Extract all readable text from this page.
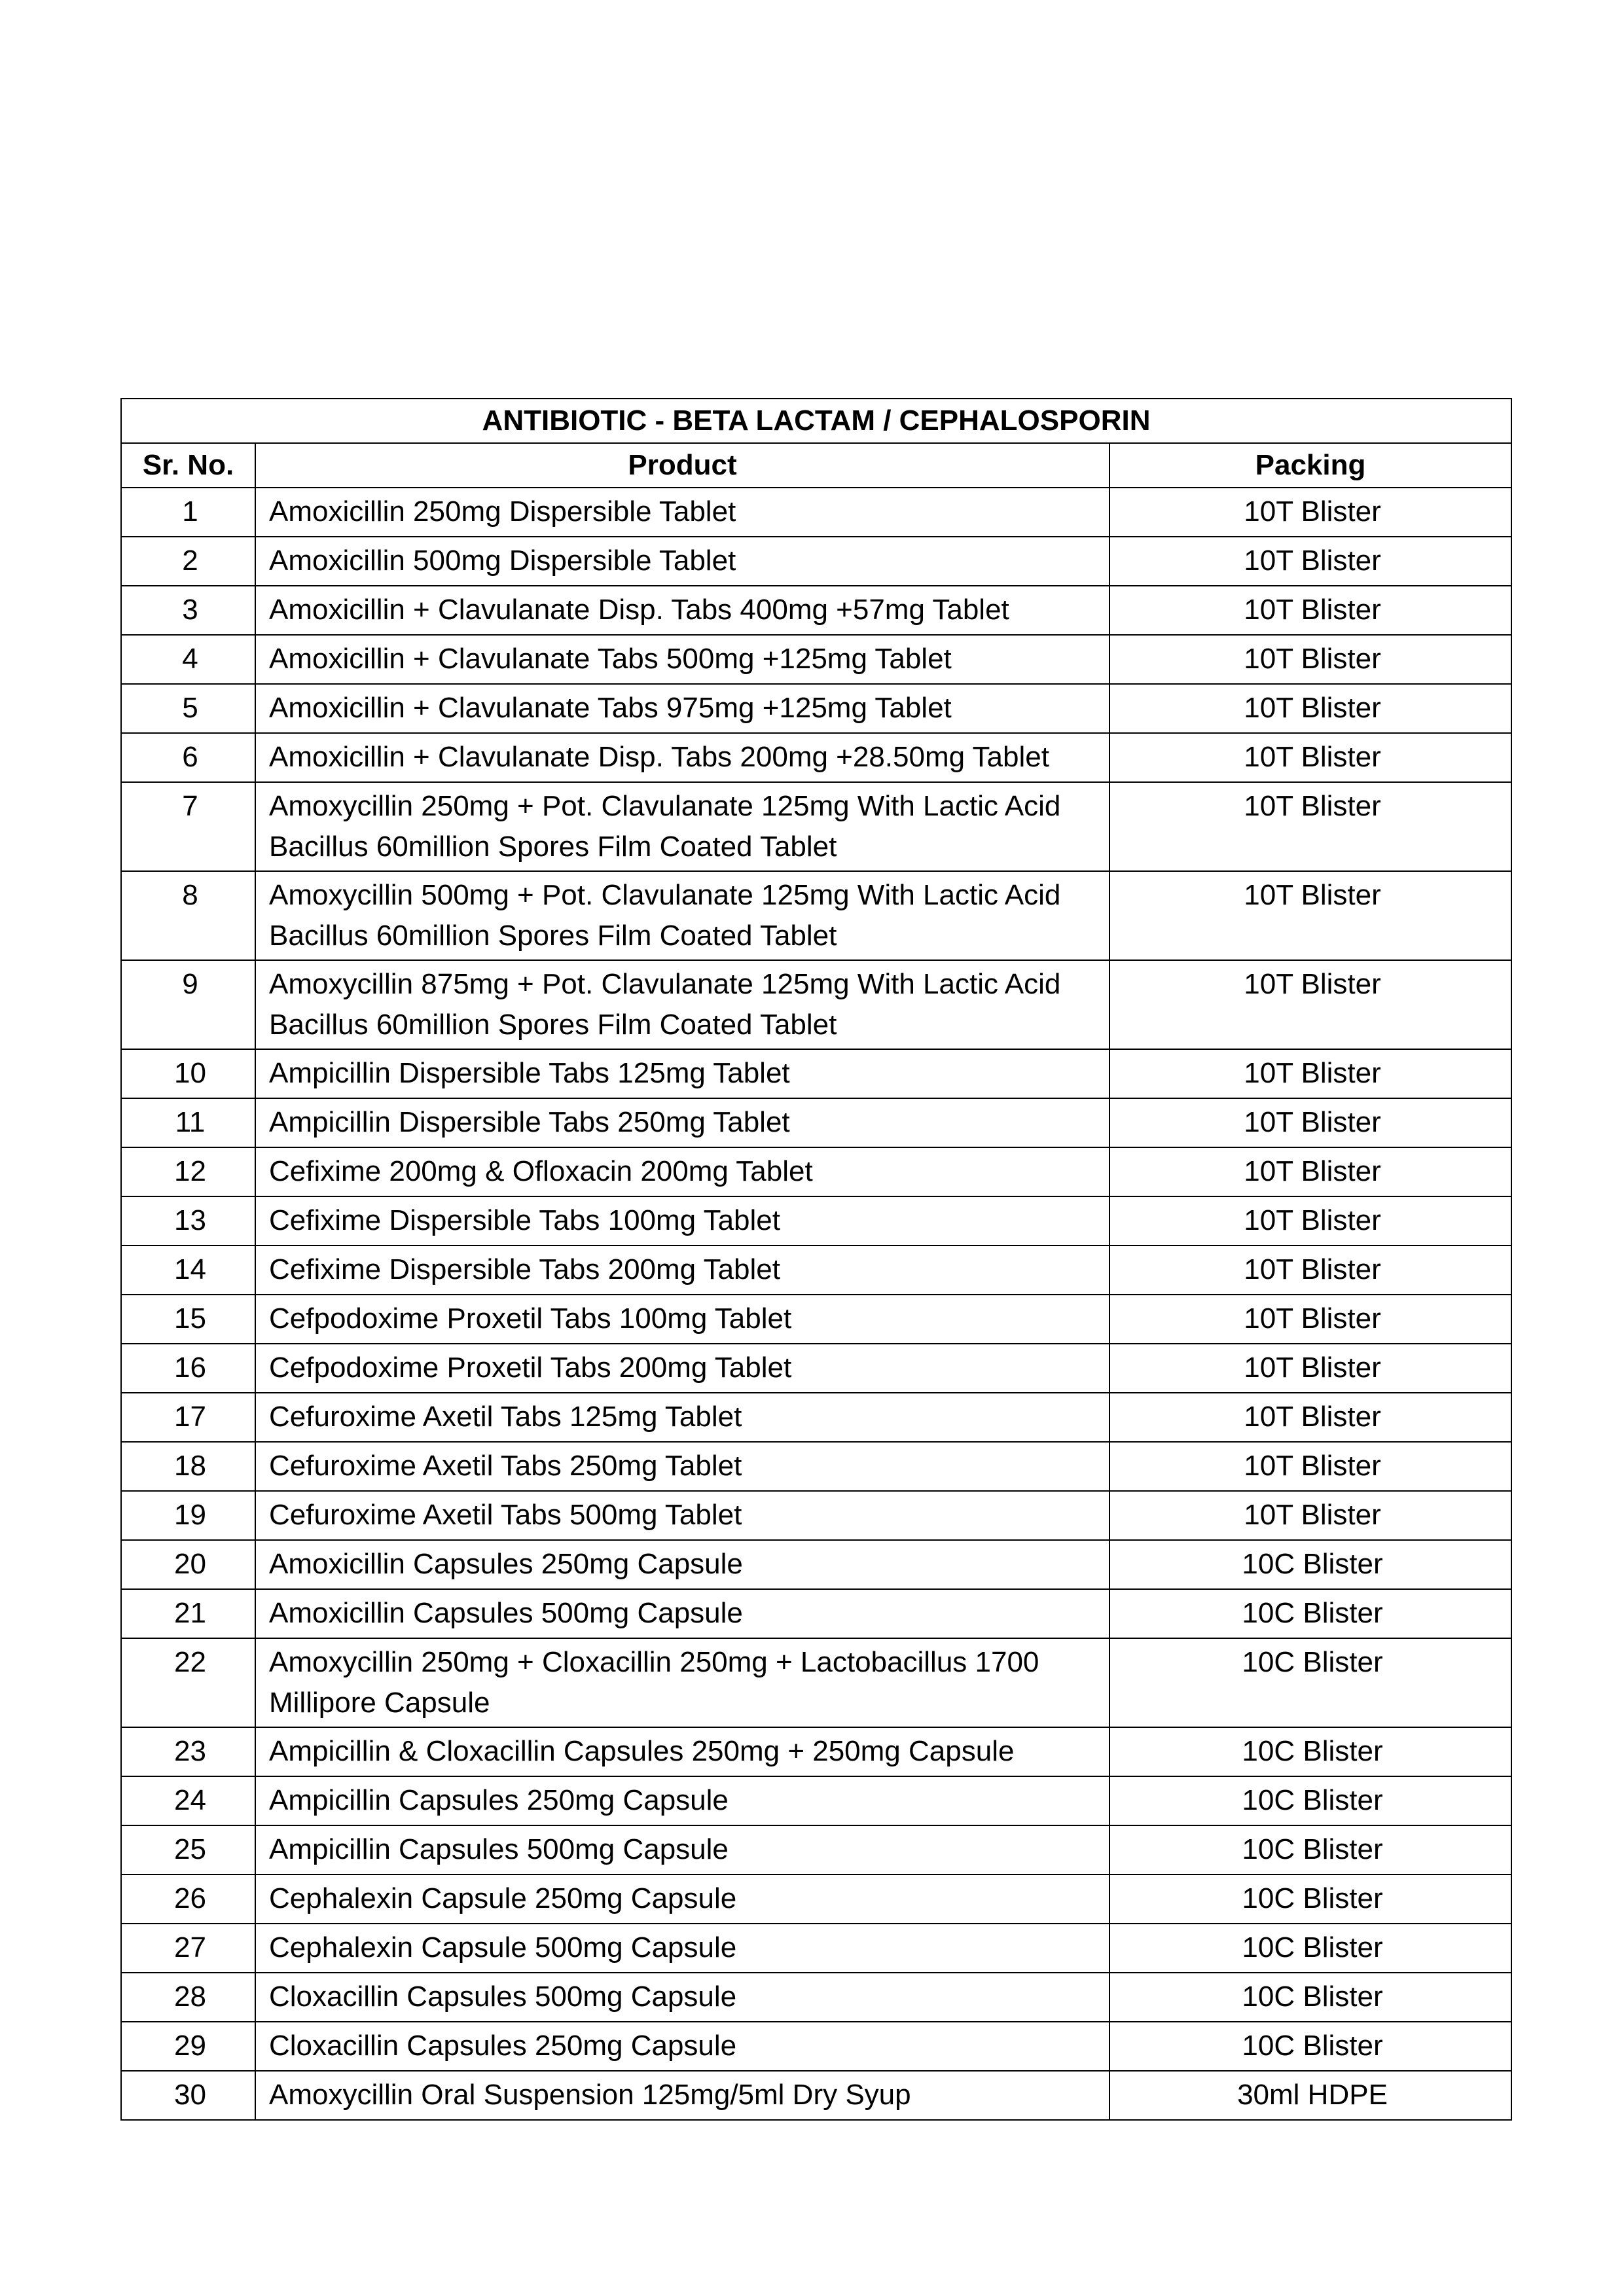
ANTIBIOTIC - BETA LACTAM / CEPHALOSPORIN		
Sr. No.	Product	Packing
1	Amoxicillin 250mg Dispersible Tablet	10T Blister
2	Amoxicillin 500mg Dispersible Tablet	10T Blister
3	Amoxicillin + Clavulanate Disp. Tabs 400mg +57mg Tablet	10T Blister
4	Amoxicillin + Clavulanate Tabs 500mg +125mg Tablet	10T Blister
5	Amoxicillin + Clavulanate Tabs 975mg +125mg Tablet	10T Blister
6	Amoxicillin + Clavulanate Disp. Tabs 200mg +28.50mg Tablet	10T Blister
7	Amoxycillin 250mg + Pot. Clavulanate 125mg With Lactic Acid Bacillus 60million Spores Film Coated Tablet	10T Blister
8	Amoxycillin 500mg + Pot. Clavulanate 125mg With Lactic Acid Bacillus 60million Spores Film Coated Tablet	10T Blister
9	Amoxycillin 875mg + Pot. Clavulanate 125mg With Lactic Acid Bacillus 60million Spores Film Coated Tablet	10T Blister
10	Ampicillin Dispersible Tabs 125mg Tablet	10T Blister
11	Ampicillin Dispersible Tabs 250mg Tablet	10T Blister
12	Cefixime 200mg & Ofloxacin 200mg Tablet	10T Blister
13	Cefixime Dispersible Tabs 100mg Tablet	10T Blister
14	Cefixime Dispersible Tabs 200mg Tablet	10T Blister
15	Cefpodoxime Proxetil Tabs 100mg Tablet	10T Blister
16	Cefpodoxime Proxetil Tabs 200mg Tablet	10T Blister
17	Cefuroxime Axetil Tabs 125mg Tablet	10T Blister
18	Cefuroxime Axetil Tabs 250mg Tablet	10T Blister
19	Cefuroxime Axetil Tabs 500mg Tablet	10T Blister
20	Amoxicillin Capsules 250mg Capsule	10C Blister
21	Amoxicillin Capsules 500mg Capsule	10C Blister
22	Amoxycillin 250mg + Cloxacillin 250mg + Lactobacillus 1700 Millipore Capsule	10C Blister
23	Ampicillin & Cloxacillin Capsules 250mg + 250mg Capsule	10C Blister
24	Ampicillin Capsules 250mg Capsule	10C Blister
25	Ampicillin Capsules 500mg Capsule	10C Blister
26	Cephalexin Capsule 250mg Capsule	10C Blister
27	Cephalexin Capsule 500mg Capsule	10C Blister
28	Cloxacillin Capsules 500mg Capsule	10C Blister
29	Cloxacillin Capsules 250mg Capsule	10C Blister
30	Amoxycillin Oral Suspension 125mg/5ml Dry Syup	30ml HDPE
